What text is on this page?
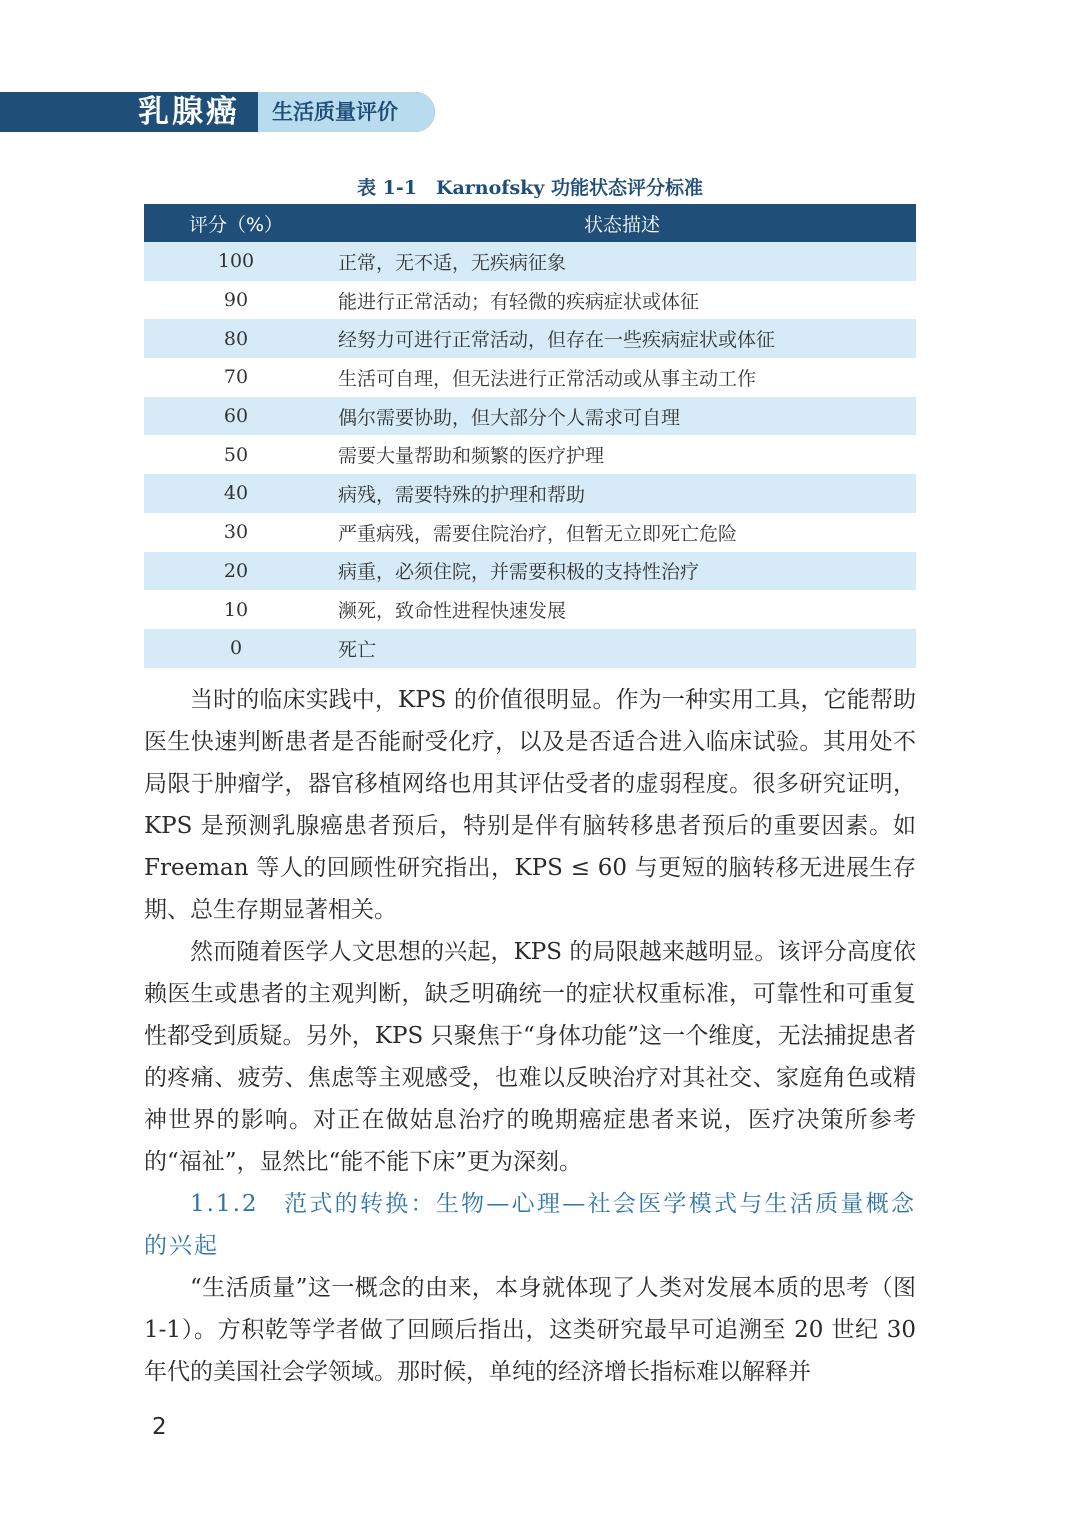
乳腺癌 生活质量评价
表 1-1　Karnofsky 功能状态评分标准
评分（%）	状态描述
100	正常，无不适，无疾病征象
90	能进行正常活动；有轻微的疾病症状或体征
80	经努力可进行正常活动，但存在一些疾病症状或体征
70	生活可自理，但无法进行正常活动或从事主动工作
60	偶尔需要协助，但大部分个人需求可自理
50	需要大量帮助和频繁的医疗护理
40	病残，需要特殊的护理和帮助
30	严重病残，需要住院治疗，但暂无立即死亡危险
20	病重，必须住院，并需要积极的支持性治疗
10	濒死，致命性进程快速发展
0	死亡

当时的临床实践中，KPS 的价值很明显。作为一种实用工具，它能帮助医生快速判断患者是否能耐受化疗，以及是否适合进入临床试验。其用处不局限于肿瘤学，器官移植网络也用其评估受者的虚弱程度。很多研究证明，KPS 是预测乳腺癌患者预后，特别是伴有脑转移患者预后的重要因素。如 Freeman 等人的回顾性研究指出，KPS ≤ 60 与更短的脑转移无进展生存期、总生存期显著相关。

然而随着医学人文思想的兴起，KPS 的局限越来越明显。该评分高度依赖医生或患者的主观判断，缺乏明确统一的症状权重标准，可靠性和可重复性都受到质疑。另外，KPS 只聚焦于“身体功能”这一个维度，无法捕捉患者的疼痛、疲劳、焦虑等主观感受，也难以反映治疗对其社交、家庭角色或精神世界的影响。对正在做姑息治疗的晚期癌症患者来说，医疗决策所参考的“福祉”，显然比“能不能下床”更为深刻。

1.1.2　范式的转换：生物—心理—社会医学模式与生活质量概念的兴起

“生活质量”这一概念的由来，本身就体现了人类对发展本质的思考（图 1-1）。方积乾等学者做了回顾后指出，这类研究最早可追溯至 20 世纪 30 年代的美国社会学领域。那时候，单纯的经济增长指标难以解释并

2
